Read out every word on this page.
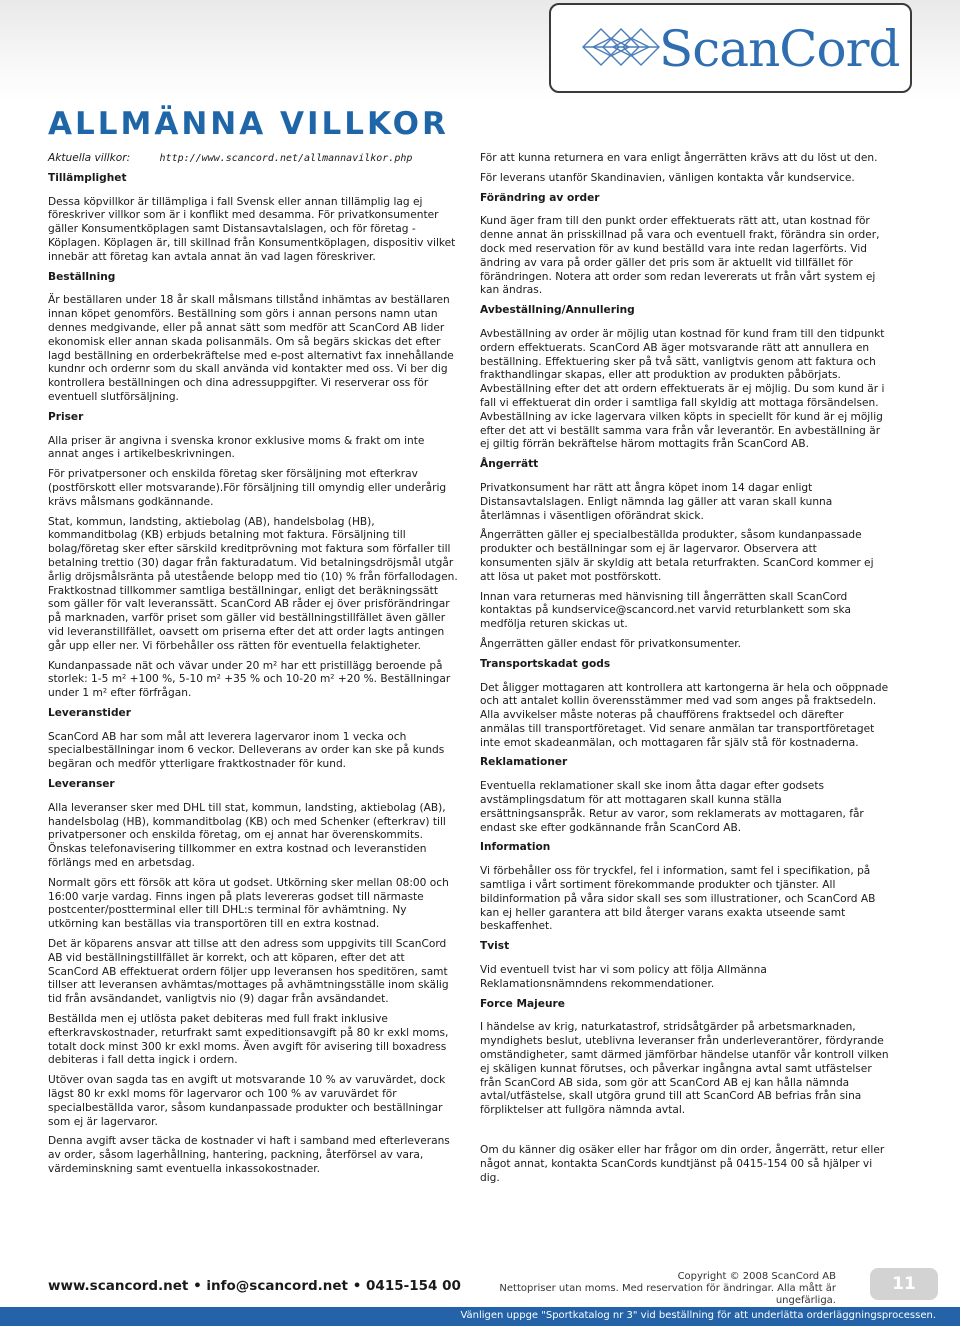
ScanCord
ALLMÄNNA VILLKOR
Aktuella villkor:	http://www.scancord.net/allmannavilkor.php
Tillämplighet

Dessa köpvillkor är tillämpliga i fall Svensk eller annan tillämplig lag ej föreskriver villkor som är i konflikt med desamma. För privatkonsumenter gäller Konsumentköplagen samt Distansavtalslagen, och för företag - Köplagen. Köplagen är, till skillnad från Konsumentköplagen, dispositiv vilket innebär att företag kan avtala annat än vad lagen föreskriver.

Beställning

Är beställaren under 18 år skall målsmans tillstånd inhämtas av beställaren innan köpet genomförs. Beställning som görs i annan persons namn utan dennes medgivande, eller på annat sätt som medför att ScanCord AB lider ekonomisk eller annan skada polisanmäls. Om så begärs skickas det efter lagd beställning en orderbekräftelse med e-post alternativt fax innehållande kundnr och ordernr som du skall använda vid kontakter med oss. Vi ber dig kontrollera beställningen och dina adressuppgifter. Vi reserverar oss för eventuell slutförsäljning.

Priser

Alla priser är angivna i svenska kronor exklusive moms & frakt om inte annat anges i artikelbeskrivningen.

För privatpersoner och enskilda företag sker försäljning mot efterkrav (postförskott eller motsvarande).För försäljning till omyndig eller underårig krävs målsmans godkännande.

Stat, kommun, landsting, aktiebolag (AB), handelsbolag (HB), kommanditbolag (KB) erbjuds betalning mot faktura. Försäljning till bolag/företag sker efter särskild kreditprövning mot faktura som förfaller till betalning trettio (30) dagar från fakturadatum. Vid betalningsdröjsmål utgår årlig dröjsmålsränta på utestående belopp med tio (10) % från förfallodagen. Fraktkostnad tillkommer samtliga beställningar, enligt det beräkningssätt som gäller för valt leveranssätt. ScanCord AB råder ej över prisförändringar på marknaden, varför priset som gäller vid beställningstillfället även gäller vid leveranstillfället, oavsett om priserna efter det att order lagts antingen går upp eller ner. Vi förbehåller oss rätten för eventuella felaktigheter.

Kundanpassade nät och vävar under 20 m² har ett pristillägg beroende på storlek: 1-5 m² +100 %, 5-10 m² +35 % och 10-20 m² +20 %. Beställningar under 1 m² efter förfrågan.

Leveranstider

ScanCord AB har som mål att leverera lagervaror inom 1 vecka och specialbeställningar inom 6 veckor. Delleverans av order kan ske på kunds begäran och medför ytterligare fraktkostnader för kund.

Leveranser

Alla leveranser sker med DHL till stat, kommun, landsting, aktiebolag (AB), handelsbolag (HB), kommanditbolag (KB) och med Schenker (efterkrav) till privatpersoner och enskilda företag, om ej annat har överenskommits. Önskas telefonavisering tillkommer en extra kostnad och leveranstiden förlängs med en arbetsdag.

Normalt görs ett försök att köra ut godset. Utkörning sker mellan 08:00 och 16:00 varje vardag. Finns ingen på plats levereras godset till närmaste postcenter/postterminal eller till DHL:s terminal för avhämtning. Ny utkörning kan beställas via transportören till en extra kostnad.

Det är köparens ansvar att tillse att den adress som uppgivits till ScanCord AB vid beställningstillfället är korrekt, och att köparen, efter det att ScanCord AB effektuerat ordern följer upp leveransen hos speditören, samt tillser att leveransen avhämtas/mottages på avhämtningsställe inom skälig tid från avsändandet, vanligtvis nio (9) dagar från avsändandet.

Beställda men ej utlösta paket debiteras med full frakt inklusive efterkravskostnader, returfrakt samt expeditionsavgift på 80 kr exkl moms, totalt dock minst 300 kr exkl moms. Även avgift för avisering till boxadress debiteras i fall detta ingick i ordern.

Utöver ovan sagda tas en avgift ut motsvarande 10 % av varuvärdet, dock lägst 80 kr exkl moms för lagervaror och 100 % av varuvärdet för specialbeställda varor, såsom kundanpassade produkter och beställningar som ej är lagervaror.

Denna avgift avser täcka de kostnader vi haft i samband med efterleverans av order, såsom lagerhållning, hantering, packning, återförsel av vara, värdeminskning samt eventuella inkassokostnader.

För att kunna returnera en vara enligt ångerrätten krävs att du löst ut den.

För leverans utanför Skandinavien, vänligen kontakta vår kundservice.

Förändring av order

Kund äger fram till den punkt order effektuerats rätt att, utan kostnad för denne annat än prisskillnad på vara och eventuell frakt, förändra sin order, dock med reservation för av kund beställd vara inte redan lagerförts. Vid ändring av vara på order gäller det pris som är aktuellt vid tillfället för förändringen. Notera att order som redan levererats ut från vårt system ej kan ändras.

Avbeställning/Annullering

Avbeställning av order är möjlig utan kostnad för kund fram till den tidpunkt ordern effektuerats. ScanCord AB äger motsvarande rätt att annullera en beställning. Effektuering sker på två sätt, vanligtvis genom att faktura och frakthandlingar skapas, eller att produktion av produkten påbörjats. Avbeställning efter det att ordern effektuerats är ej möjlig. Du som kund är i fall vi effektuerat din order i samtliga fall skyldig att mottaga försändelsen. Avbeställning av icke lagervara vilken köpts in speciellt för kund är ej möjlig efter det att vi beställt samma vara från vår leverantör. En avbeställning är ej giltig förrän bekräftelse härom mottagits från ScanCord AB.

Ångerrätt

Privatkonsument har rätt att ångra köpet inom 14 dagar enligt Distansavtalslagen. Enligt nämnda lag gäller att varan skall kunna återlämnas i väsentligen oförändrat skick.

Ångerrätten gäller ej specialbeställda produkter, såsom kundanpassade produkter och beställningar som ej är lagervaror. Observera att konsumenten själv är skyldig att betala returfrakten. ScanCord kommer ej att lösa ut paket mot postförskott.

Innan vara returneras med hänvisning till ångerrätten skall ScanCord kontaktas på kundservice@scancord.net varvid returblankett som ska medfölja returen skickas ut.

Ångerrätten gäller endast för privatkonsumenter.

Transportskadat gods

Det åligger mottagaren att kontrollera att kartongerna är hela och oöppnade och att antalet kollin överensstämmer med vad som anges på fraktsedeln. Alla avvikelser måste noteras på chaufförens fraktsedel och därefter anmälas till transportföretaget. Vid senare anmälan tar transportföretaget inte emot skadeanmälan, och mottagaren får själv stå för kostnaderna.

Reklamationer

Eventuella reklamationer skall ske inom åtta dagar efter godsets avstämplingsdatum för att mottagaren skall kunna ställa ersättningsanspråk. Retur av varor, som reklamerats av mottagaren, får endast ske efter godkännande från ScanCord AB.

Information

Vi förbehåller oss för tryckfel, fel i information, samt fel i specifikation, på samtliga i vårt sortiment förekommande produkter och tjänster. All bildinformation på våra sidor skall ses som illustrationer, och ScanCord AB kan ej heller garantera att bild återger varans exakta utseende samt beskaffenhet.

Tvist

Vid eventuell tvist har vi som policy att följa Allmänna Reklamationsnämndens rekommendationer.

Force Majeure

I händelse av krig, naturkatastrof, stridsåtgärder på arbetsmarknaden, myndighets beslut, uteblivna leveranser från underleverantörer, fördyrande omständigheter, samt därmed jämförbar händelse utanför vår kontroll vilken ej skäligen kunnat förutses, och påverkar ingångna avtal samt utfästelser från ScanCord AB sida, som gör att ScanCord AB ej kan hålla nämnda avtal/utfästelse, skall utgöra grund till att ScanCord AB befrias från sina förpliktelser att fullgöra nämnda avtal.

Om du känner dig osäker eller har frågor om din order, ångerrätt, retur eller något annat, kontakta ScanCords kundtjänst på 0415-154 00 så hjälper vi dig.

www.scancord.net • info@scancord.net • 0415-154 00
Copyright © 2008 ScanCord AB
Nettopriser utan moms. Med reservation för ändringar. Alla mått är ungefärliga.
11
Vänligen uppge "Sportkatalog nr 3" vid beställning för att underlätta orderläggningsprocessen.
